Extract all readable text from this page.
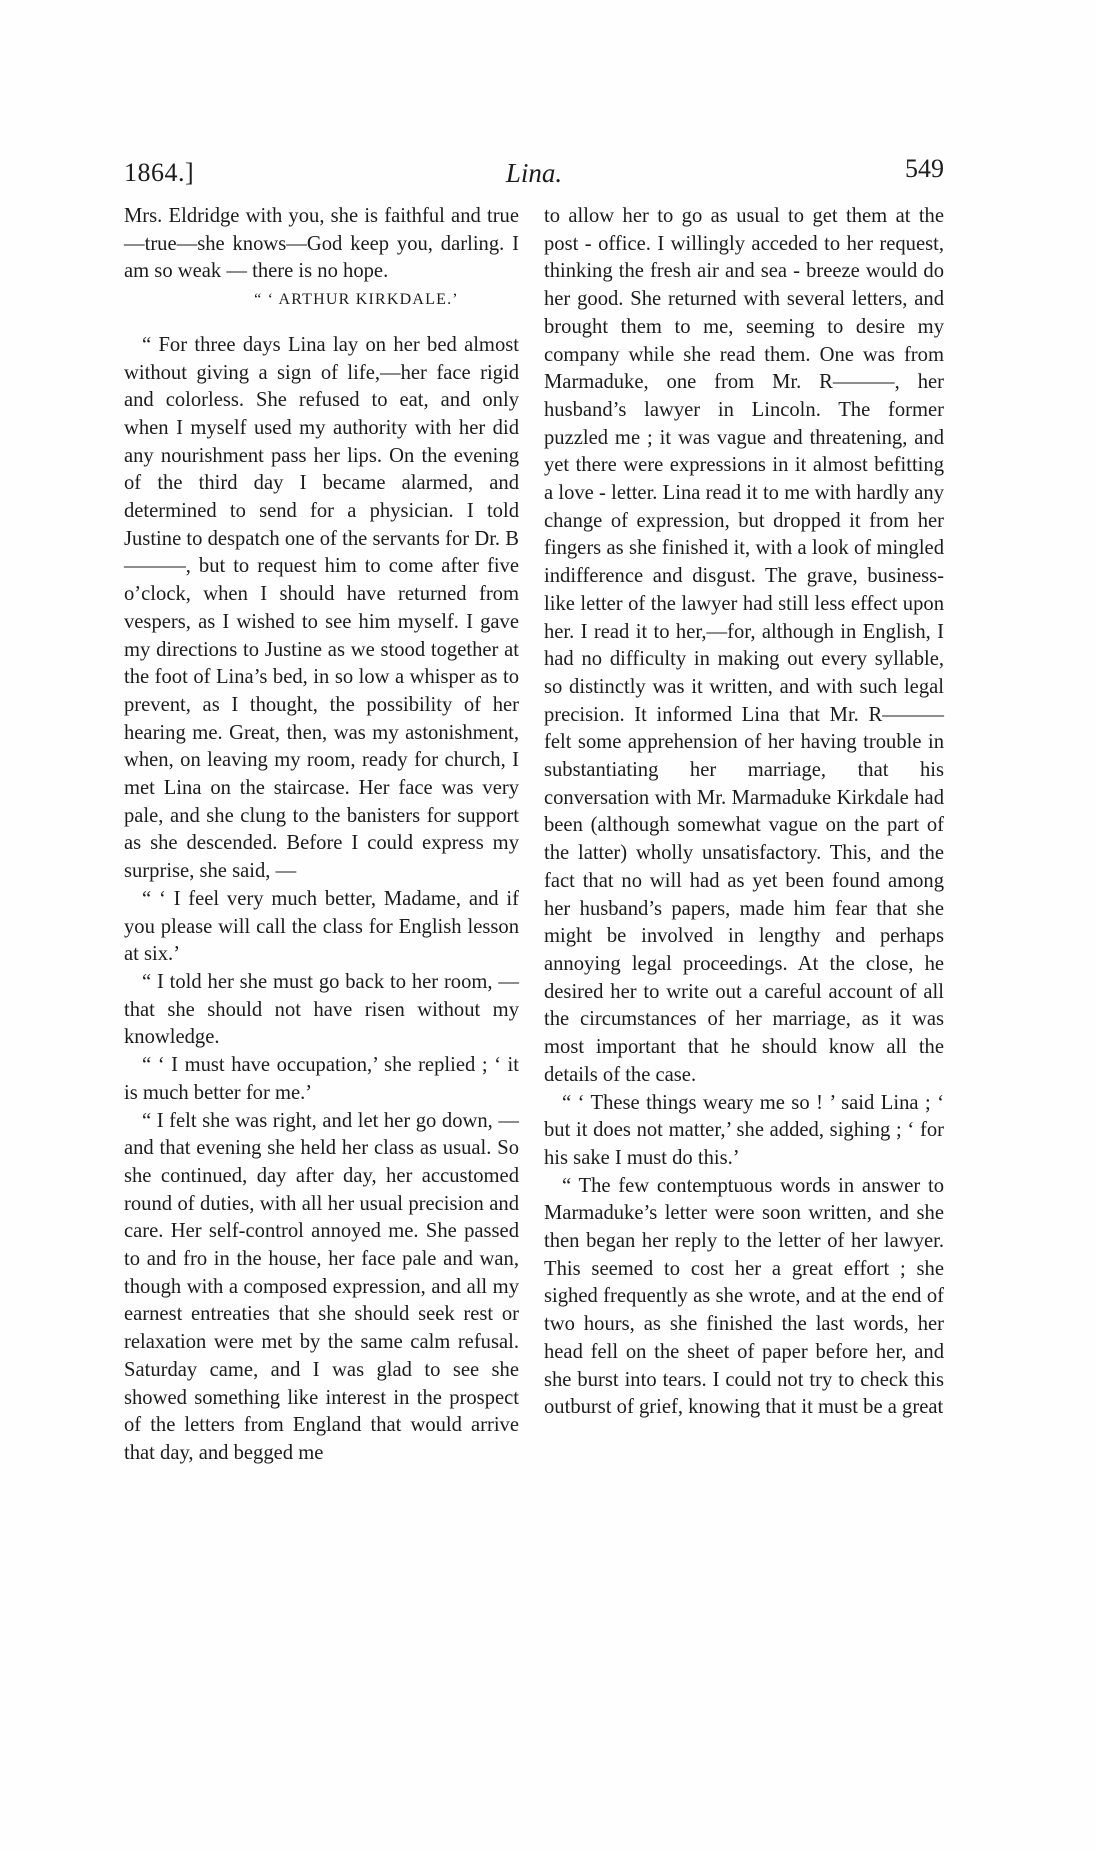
1864.]	Lina.	549

Mrs. Eldridge with you, she is faithful and true—true—she knows—God keep you, darling. I am so weak — there is no hope.

“ ‘ ARTHUR KIRKDALE.’

“ For three days Lina lay on her bed almost without giving a sign of life,—her face rigid and colorless. She refused to eat, and only when I myself used my authority with her did any nourishment pass her lips. On the evening of the third day I became alarmed, and determined to send for a physician. I told Justine to despatch one of the servants for Dr. B———, but to request him to come after five o’clock, when I should have returned from vespers, as I wished to see him myself. I gave my directions to Justine as we stood together at the foot of Lina’s bed, in so low a whisper as to prevent, as I thought, the possibility of her hearing me. Great, then, was my astonishment, when, on leaving my room, ready for church, I met Lina on the staircase. Her face was very pale, and she clung to the banisters for support as she descended. Before I could express my surprise, she said, —

“ ‘ I feel very much better, Madame, and if you please will call the class for English lesson at six.’

“ I told her she must go back to her room, — that she should not have risen without my knowledge.

“ ‘ I must have occupation,’ she replied ; ‘ it is much better for me.’

“ I felt she was right, and let her go down, — and that evening she held her class as usual. So she continued, day after day, her accustomed round of duties, with all her usual precision and care. Her self-control annoyed me. She passed to and fro in the house, her face pale and wan, though with a composed expression, and all my earnest entreaties that she should seek rest or relaxation were met by the same calm refusal. Saturday came, and I was glad to see she showed something like interest in the prospect of the letters from England that would arrive that day, and begged me

to allow her to go as usual to get them at the post - office. I willingly acceded to her request, thinking the fresh air and sea - breeze would do her good. She returned with several letters, and brought them to me, seeming to desire my company while she read them. One was from Marmaduke, one from Mr. R———, her husband’s lawyer in Lincoln. The former puzzled me ; it was vague and threatening, and yet there were expressions in it almost befitting a love - letter. Lina read it to me with hardly any change of expression, but dropped it from her fingers as she finished it, with a look of mingled indifference and disgust. The grave, businesslike letter of the lawyer had still less effect upon her. I read it to her,—for, although in English, I had no difficulty in making out every syllable, so distinctly was it written, and with such legal precision. It informed Lina that Mr. R——— felt some apprehension of her having trouble in substantiating her marriage, that his conversation with Mr. Marmaduke Kirkdale had been (although somewhat vague on the part of the latter) wholly unsatisfactory. This, and the fact that no will had as yet been found among her husband’s papers, made him fear that she might be involved in lengthy and perhaps annoying legal proceedings. At the close, he desired her to write out a careful account of all the circumstances of her marriage, as it was most important that he should know all the details of the case.

“ ‘ These things weary me so ! ’ said Lina ; ‘ but it does not matter,’ she added, sighing ; ‘ for his sake I must do this.’

“ The few contemptuous words in answer to Marmaduke’s letter were soon written, and she then began her reply to the letter of her lawyer. This seemed to cost her a great effort ; she sighed frequently as she wrote, and at the end of two hours, as she finished the last words, her head fell on the sheet of paper before her, and she burst into tears. I could not try to check this outburst of grief, knowing that it must be a great
